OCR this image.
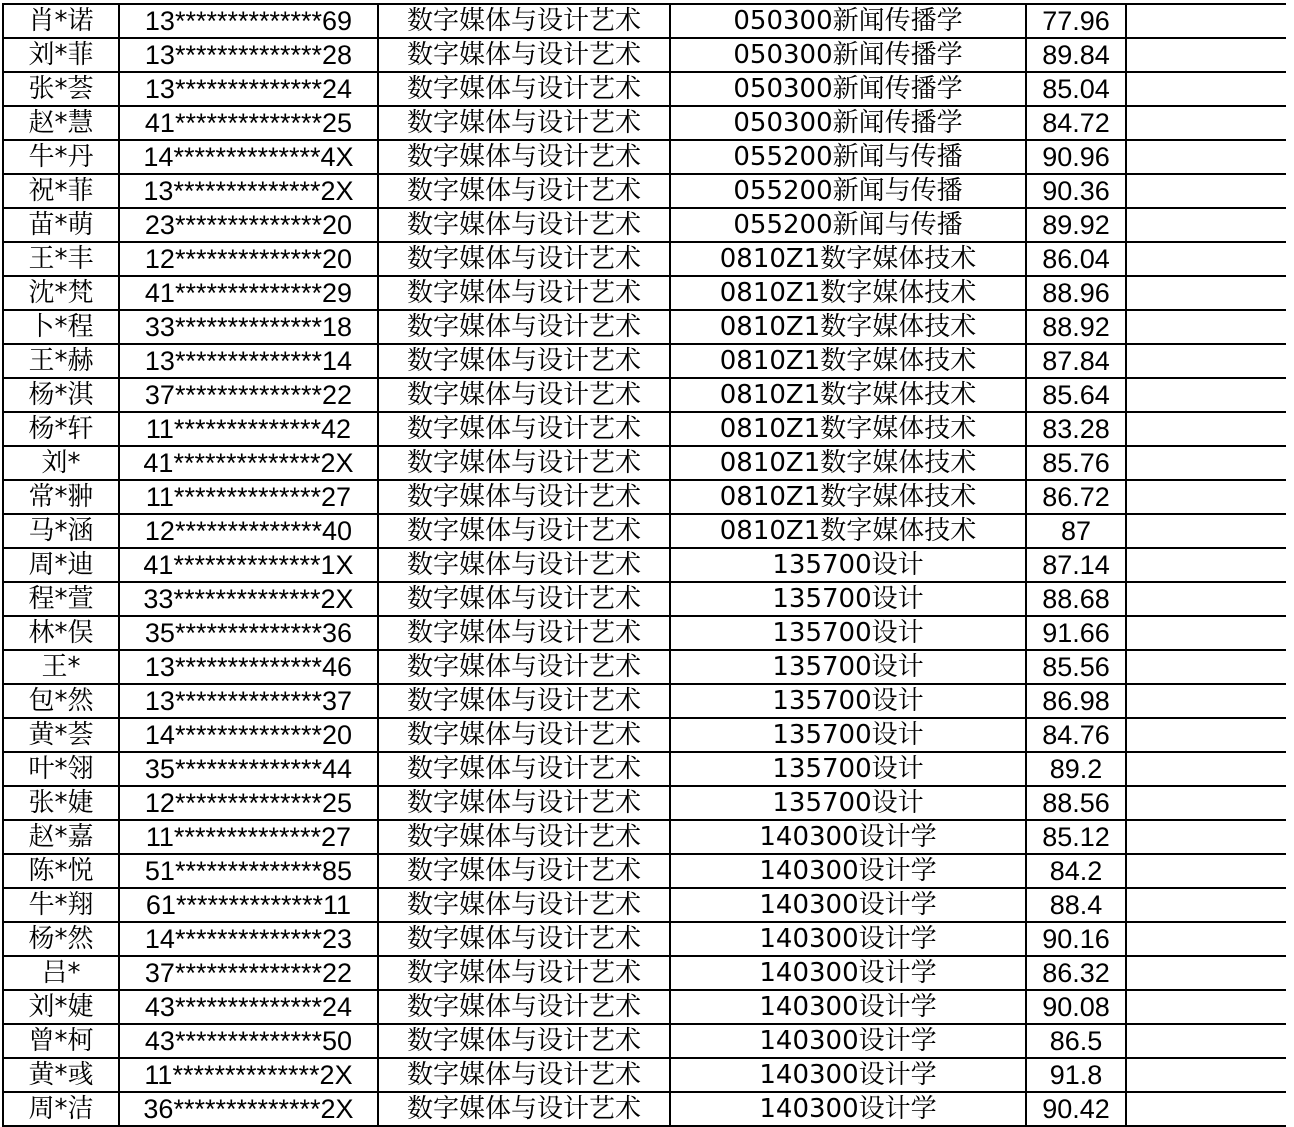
肖*诺	13**************69	数字媒体与设计艺术	050300新闻传播学	77.96	
刘*菲	13**************28	数字媒体与设计艺术	050300新闻传播学	89.84	
张*荟	13**************24	数字媒体与设计艺术	050300新闻传播学	85.04	
赵*慧	41**************25	数字媒体与设计艺术	050300新闻传播学	84.72	
牛*丹	14**************4X	数字媒体与设计艺术	055200新闻与传播	90.96	
祝*菲	13**************2X	数字媒体与设计艺术	055200新闻与传播	90.36	
苗*萌	23**************20	数字媒体与设计艺术	055200新闻与传播	89.92	
王*丰	12**************20	数字媒体与设计艺术	0810Z1数字媒体技术	86.04	
沈*梵	41**************29	数字媒体与设计艺术	0810Z1数字媒体技术	88.96	
卜*程	33**************18	数字媒体与设计艺术	0810Z1数字媒体技术	88.92	
王*赫	13**************14	数字媒体与设计艺术	0810Z1数字媒体技术	87.84	
杨*淇	37**************22	数字媒体与设计艺术	0810Z1数字媒体技术	85.64	
杨*轩	11**************42	数字媒体与设计艺术	0810Z1数字媒体技术	83.28	
刘*	41**************2X	数字媒体与设计艺术	0810Z1数字媒体技术	85.76	
常*翀	11**************27	数字媒体与设计艺术	0810Z1数字媒体技术	86.72	
马*涵	12**************40	数字媒体与设计艺术	0810Z1数字媒体技术	87	
周*迪	41**************1X	数字媒体与设计艺术	135700设计	87.14	
程*萱	33**************2X	数字媒体与设计艺术	135700设计	88.68	
林*俣	35**************36	数字媒体与设计艺术	135700设计	91.66	
王*	13**************46	数字媒体与设计艺术	135700设计	85.56	
包*然	13**************37	数字媒体与设计艺术	135700设计	86.98	
黄*荟	14**************20	数字媒体与设计艺术	135700设计	84.76	
叶*翎	35**************44	数字媒体与设计艺术	135700设计	89.2	
张*婕	12**************25	数字媒体与设计艺术	135700设计	88.56	
赵*嘉	11**************27	数字媒体与设计艺术	140300设计学	85.12	
陈*悦	51**************85	数字媒体与设计艺术	140300设计学	84.2	
牛*翔	61**************11	数字媒体与设计艺术	140300设计学	88.4	
杨*然	14**************23	数字媒体与设计艺术	140300设计学	90.16	
吕*	37**************22	数字媒体与设计艺术	140300设计学	86.32	
刘*婕	43**************24	数字媒体与设计艺术	140300设计学	90.08	
曾*柯	43**************50	数字媒体与设计艺术	140300设计学	86.5	
黄*彧	11**************2X	数字媒体与设计艺术	140300设计学	91.8	
周*洁	36**************2X	数字媒体与设计艺术	140300设计学	90.42	
